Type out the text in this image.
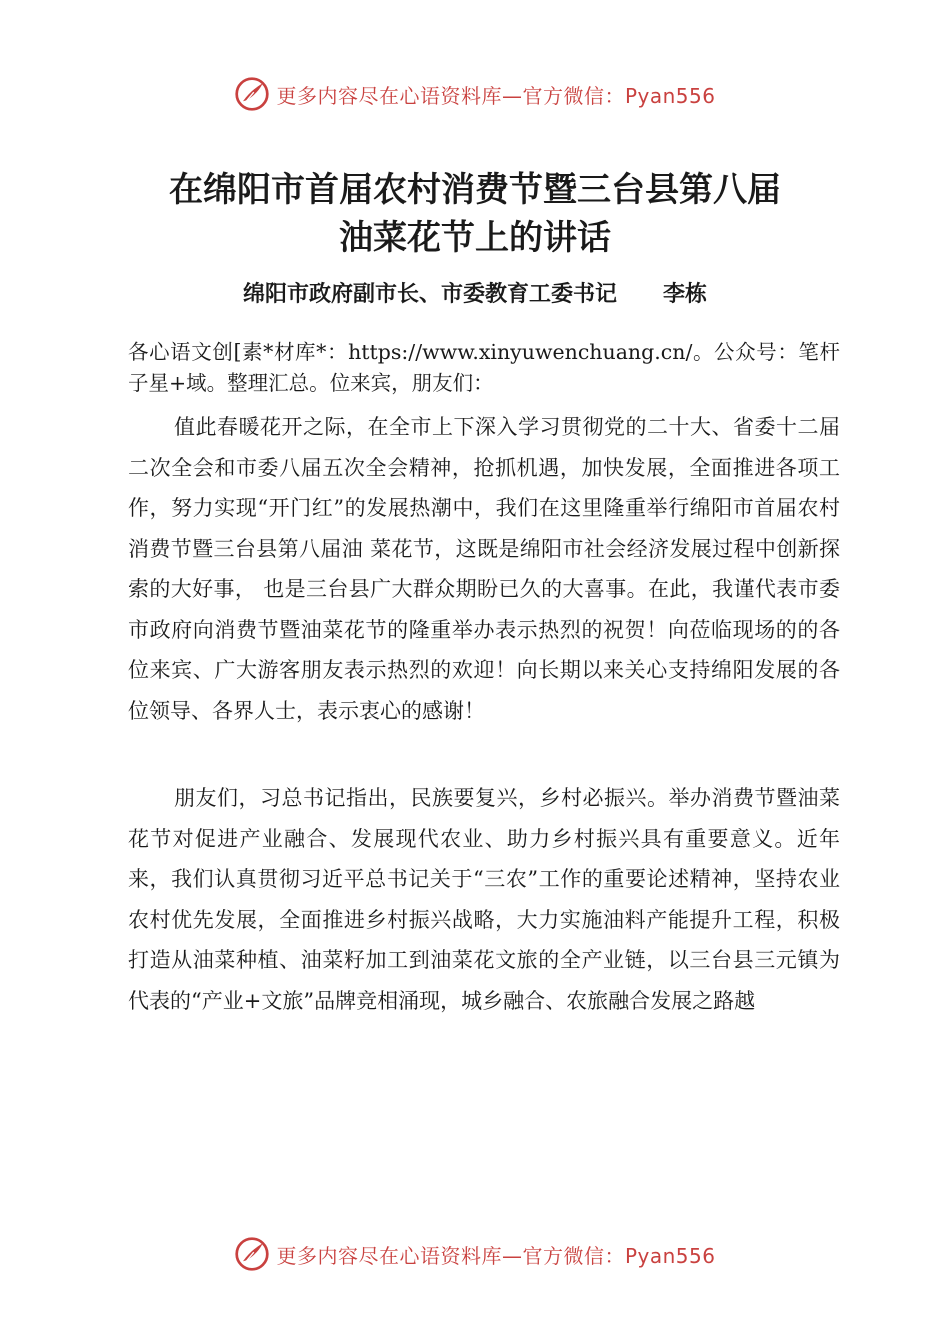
更多内容尽在心语资料库—官方微信：Pyan556
在绵阳市首届农村消费节暨三台县第八届
油菜花节上的讲话
绵阳市政府副市长、市委教育工委书记      李栋

各心语文创[素*材库*：https://www.xinyuwenchuang.cn/。公众号：笔杆子星+域。整理汇总。位来宾，朋友们：

值此春暖花开之际，在全市上下深入学习贯彻党的二十大、省委十二届二次全会和市委八届五次全会精神，抢抓机遇，加快发展，全面推进各项工作，努力实现“开门红”的发展热潮中，我们在这里隆重举行绵阳市首届农村消费节暨三台县第八届油 菜花节，这既是绵阳市社会经济发展过程中创新探索的大好事， 也是三台县广大群众期盼已久的大喜事。在此，我谨代表市委市政府向消费节暨油菜花节的隆重举办表示热烈的祝贺！向莅临现场的的各位来宾、广大游客朋友表示热烈的欢迎！向长期以来关心支持绵阳发展的各位领导、各界人士，表示衷心的感谢！

朋友们，习总书记指出，民族要复兴，乡村必振兴。举办消费节暨油菜花节对促进产业融合、发展现代农业、助力乡村振兴具有重要意义。近年来，我们认真贯彻习近平总书记关于“三农”工作的重要论述精神，坚持农业农村优先发展，全面推进乡村振兴战略，大力实施油料产能提升工程，积极打造从油菜种植、油菜籽加工到油菜花文旅的全产业链，以三台县三元镇为代表的“产业+文旅”品牌竞相涌现，城乡融合、农旅融合发展之路越

更多内容尽在心语资料库—官方微信：Pyan556
